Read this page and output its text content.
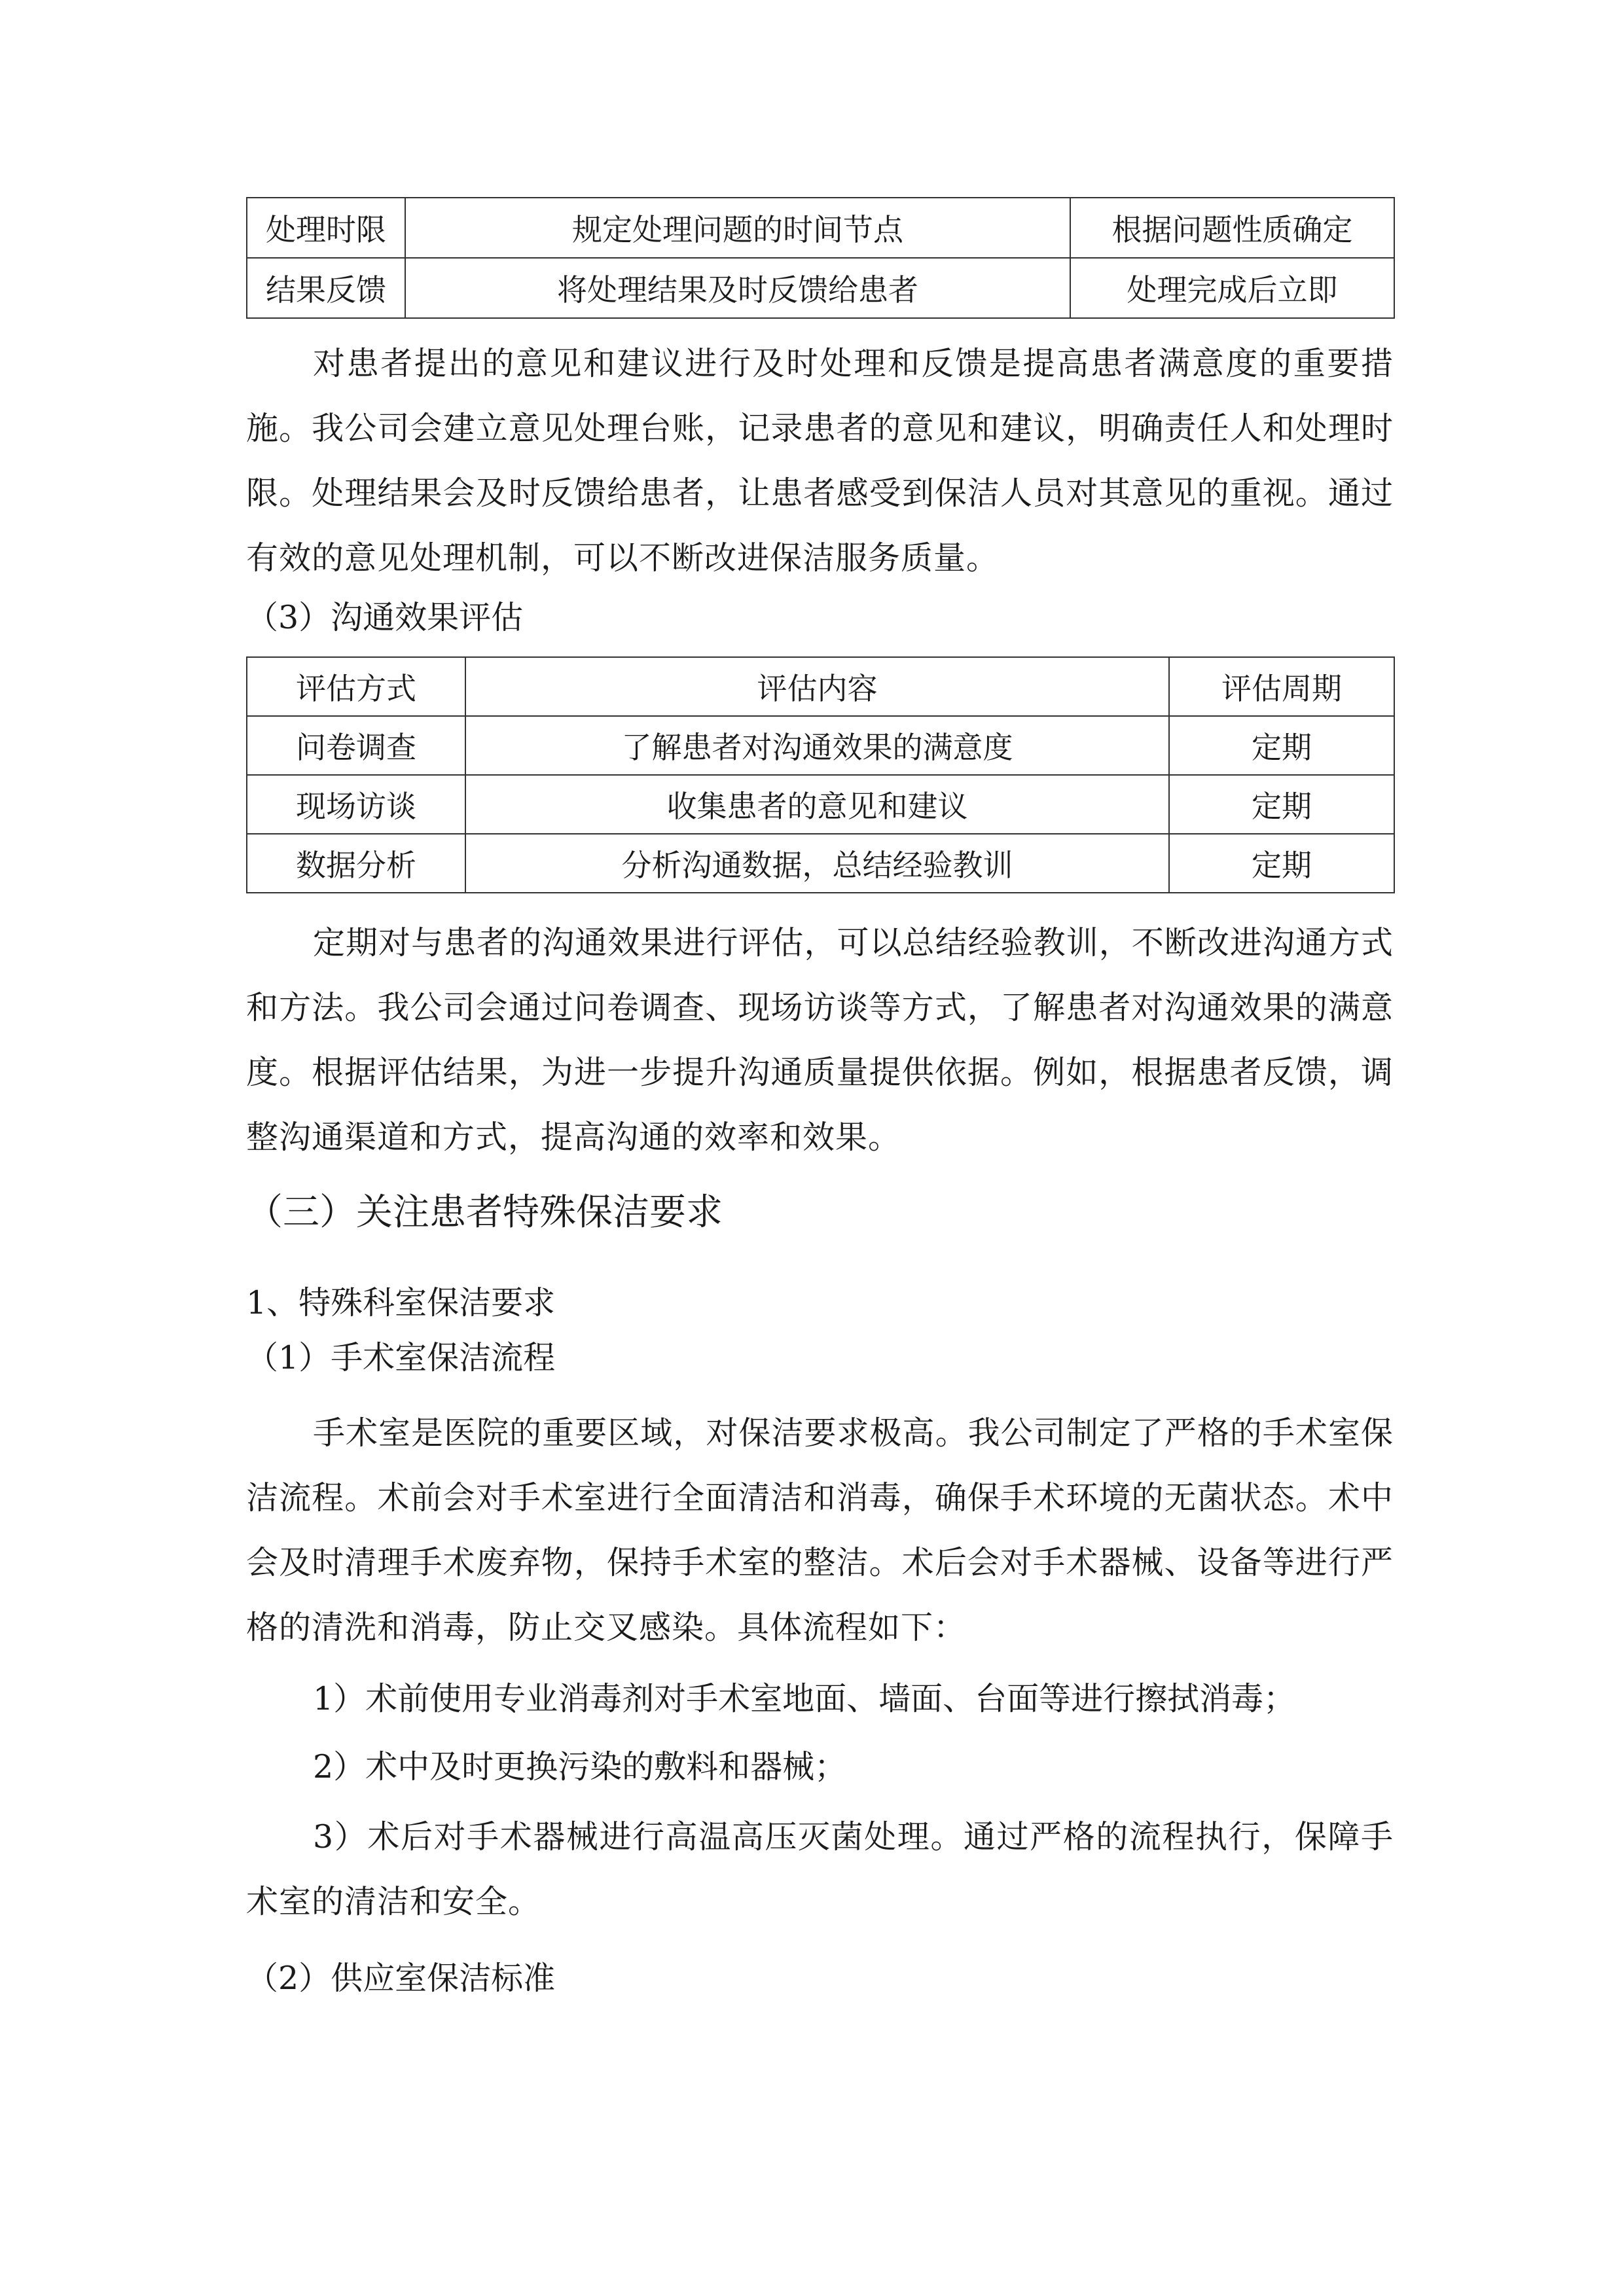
处理时限	规定处理问题的时间节点	根据问题性质确定
结果反馈	将处理结果及时反馈给患者	处理完成后立即

对患者提出的意见和建议进行及时处理和反馈是提高患者满意度的重要措施。我公司会建立意见处理台账，记录患者的意见和建议，明确责任人和处理时限。处理结果会及时反馈给患者，让患者感受到保洁人员对其意见的重视。通过有效的意见处理机制，可以不断改进保洁服务质量。

（3）沟通效果评估

评估方式	评估内容	评估周期
问卷调查	了解患者对沟通效果的满意度	定期
现场访谈	收集患者的意见和建议	定期
数据分析	分析沟通数据，总结经验教训	定期

定期对与患者的沟通效果进行评估，可以总结经验教训，不断改进沟通方式和方法。我公司会通过问卷调查、现场访谈等方式，了解患者对沟通效果的满意度。根据评估结果，为进一步提升沟通质量提供依据。例如，根据患者反馈，调整沟通渠道和方式，提高沟通的效率和效果。

（三）关注患者特殊保洁要求

1、特殊科室保洁要求

（1）手术室保洁流程

手术室是医院的重要区域，对保洁要求极高。我公司制定了严格的手术室保洁流程。术前会对手术室进行全面清洁和消毒，确保手术环境的无菌状态。术中会及时清理手术废弃物，保持手术室的整洁。术后会对手术器械、设备等进行严格的清洗和消毒，防止交叉感染。具体流程如下：

1）术前使用专业消毒剂对手术室地面、墙面、台面等进行擦拭消毒；

2）术中及时更换污染的敷料和器械；

3）术后对手术器械进行高温高压灭菌处理。通过严格的流程执行，保障手术室的清洁和安全。

（2）供应室保洁标准
